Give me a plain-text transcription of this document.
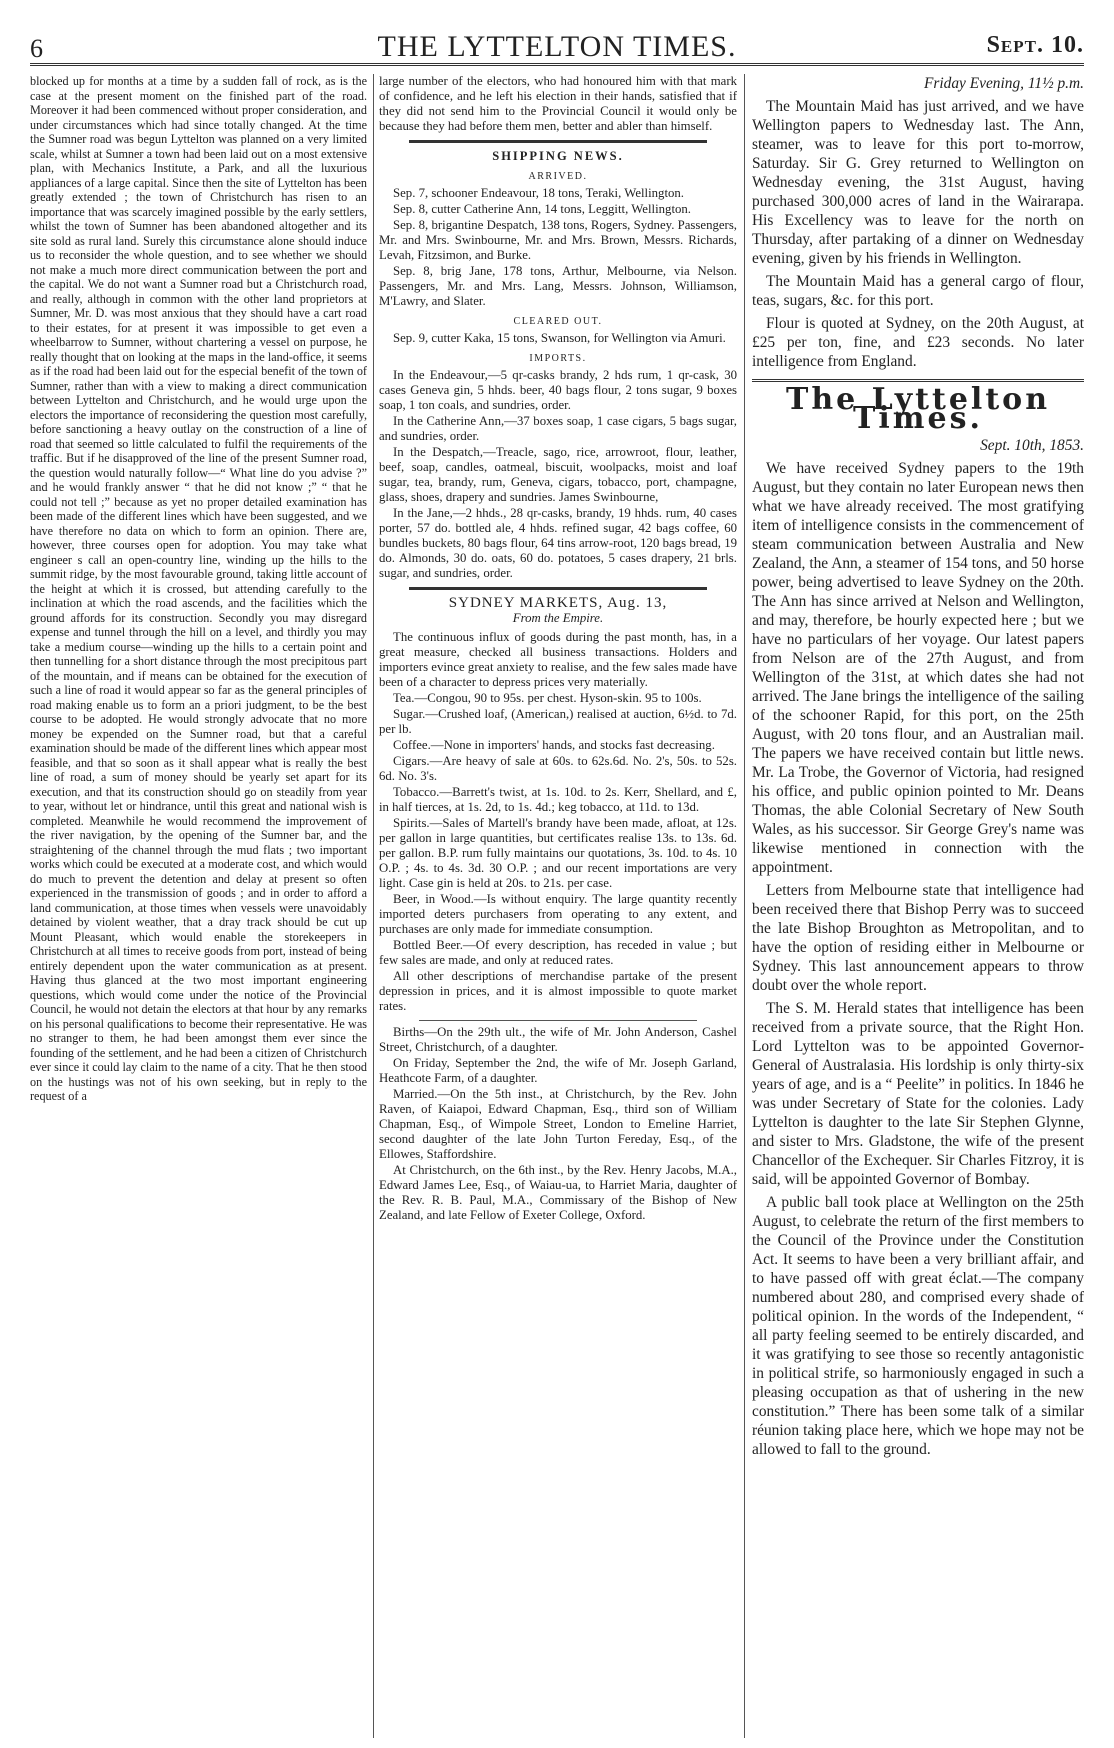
6	THE LYTTELTON TIMES.	Sept. 10.

blocked up for months at a time by a sudden fall of rock, as is the case at the present moment on the finished part of the road. Moreover it had been commenced without proper consideration, and under circumstances which had since totally changed. At the time the Sumner road was begun Lyttelton was planned on a very limited scale, whilst at Sumner a town had been laid out on a most extensive plan, with Mechanics Institute, a Park, and all the luxurious appliances of a large capital. Since then the site of Lyttelton has been greatly extended ; the town of Christchurch has risen to an importance that was scarcely imagined possible by the early settlers, whilst the town of Sumner has been abandoned altogether and its site sold as rural land. Surely this circumstance alone should induce us to reconsider the whole question, and to see whether we should not make a much more direct communication between the port and the capital. We do not want a Sumner road but a Christchurch road, and really, although in common with the other land proprietors at Sumner, Mr. D. was most anxious that they should have a cart road to their estates, for at present it was impossible to get even a wheelbarrow to Sumner, without chartering a vessel on purpose, he really thought that on looking at the maps in the land-office, it seems as if the road had been laid out for the especial benefit of the town of Sumner, rather than with a view to making a direct communication between Lyttelton and Christchurch, and he would urge upon the electors the importance of reconsidering the question most carefully, before sanctioning a heavy outlay on the construction of a line of road that seemed so little calculated to fulfil the requirements of the traffic. But if he disapproved of the line of the present Sumner road, the question would naturally follow—“ What line do you advise ?” and he would frankly answer “ that he did not know ;” “ that he could not tell ;” because as yet no proper detailed examination has been made of the different lines which have been suggested, and we have therefore no data on which to form an opinion. There are, however, three courses open for adoption. You may take what engineer s call an open-country line, winding up the hills to the summit ridge, by the most favourable ground, taking little account of the height at which it is crossed, but attending carefully to the inclination at which the road ascends, and the facilities which the ground affords for its construction. Secondly you may disregard expense and tunnel through the hill on a level, and thirdly you may take a medium course—winding up the hills to a certain point and then tunnelling for a short distance through the most precipitous part of the mountain, and if means can be obtained for the execution of such a line of road it would appear so far as the general principles of road making enable us to form an a priori judgment, to be the best course to be adopted. He would strongly advocate that no more money be expended on the Sumner road, but that a careful examination should be made of the different lines which appear most feasible, and that so soon as it shall appear what is really the best line of road, a sum of money should be yearly set apart for its execution, and that its construction should go on steadily from year to year, without let or hindrance, until this great and national wish is completed. Meanwhile he would recommend the improvement of the river navigation, by the opening of the Sumner bar, and the straightening of the channel through the mud flats ; two important works which could be executed at a moderate cost, and which would do much to prevent the detention and delay at present so often experienced in the transmission of goods ; and in order to afford a land communication, at those times when vessels were unavoidably detained by violent weather, that a dray track should be cut up Mount Pleasant, which would enable the storekeepers in Christchurch at all times to receive goods from port, instead of being entirely dependent upon the water communication as at present. Having thus glanced at the two most important engineering questions, which would come under the notice of the Provincial Council, he would not detain the electors at that hour by any remarks on his personal qualifications to become their representative. He was no stranger to them, he had been amongst them ever since the founding of the settlement, and he had been a citizen of Christchurch ever since it could lay claim to the name of a city. That he then stood on the hustings was not of his own seeking, but in reply to the request of a

large number of the electors, who had honoured him with that mark of confidence, and he left his election in their hands, satisfied that if they did not send him to the Provincial Council it would only be because they had before them men, better and abler than himself.

SHIPPING NEWS.
ARRIVED.

Sep. 7, schooner Endeavour, 18 tons, Teraki, Wellington.

Sep. 8, cutter Catherine Ann, 14 tons, Leggitt, Wellington.

Sep. 8, brigantine Despatch, 138 tons, Rogers, Sydney. Passengers, Mr. and Mrs. Swinbourne, Mr. and Mrs. Brown, Messrs. Richards, Levah, Fitzsimon, and Burke.

Sep. 8, brig Jane, 178 tons, Arthur, Melbourne, via Nelson. Passengers, Mr. and Mrs. Lang, Messrs. Johnson, Williamson, M'Lawry, and Slater.

CLEARED OUT.

Sep. 9, cutter Kaka, 15 tons, Swanson, for Wellington via Amuri.

IMPORTS.

In the Endeavour,—5 qr-casks brandy, 2 hds rum, 1 qr-cask, 30 cases Geneva gin, 5 hhds. beer, 40 bags flour, 2 tons sugar, 9 boxes soap, 1 ton coals, and sundries, order.

In the Catherine Ann,—37 boxes soap, 1 case cigars, 5 bags sugar, and sundries, order.

In the Despatch,—Treacle, sago, rice, arrowroot, flour, leather, beef, soap, candles, oatmeal, biscuit, woolpacks, moist and loaf sugar, tea, brandy, rum, Geneva, cigars, tobacco, port, champagne, glass, shoes, drapery and sundries. James Swinbourne,

In the Jane,—2 hhds., 28 qr-casks, brandy, 19 hhds. rum, 40 cases porter, 57 do. bottled ale, 4 hhds. refined sugar, 42 bags coffee, 60 bundles buckets, 80 bags flour, 64 tins arrow-root, 120 bags bread, 19 do. Almonds, 30 do. oats, 60 do. potatoes, 5 cases drapery, 21 brls. sugar, and sundries, order.

SYDNEY MARKETS, Aug. 13,
From the Empire.

The continuous influx of goods during the past month, has, in a great measure, checked all business transactions. Holders and importers evince great anxiety to realise, and the few sales made have been of a character to depress prices very materially.

Tea.—Congou, 90 to 95s. per chest. Hyson-skin. 95 to 100s.

Sugar.—Crushed loaf, (American,) realised at auction, 6½d. to 7d. per lb.

Coffee.—None in importers' hands, and stocks fast decreasing.

Cigars.—Are heavy of sale at 60s. to 62s.6d. No. 2's, 50s. to 52s. 6d. No. 3's.

Tobacco.—Barrett's twist, at 1s. 10d. to 2s. Kerr, Shellard, and £, in half tierces, at 1s. 2d, to 1s. 4d.; keg tobacco, at 11d. to 13d.

Spirits.—Sales of Martell's brandy have been made, afloat, at 12s. per gallon in large quantities, but certificates realise 13s. to 13s. 6d. per gallon. B.P. rum fully maintains our quotations, 3s. 10d. to 4s. 10 O.P. ; 4s. to 4s. 3d. 30 O.P. ; and our recent importations are very light. Case gin is held at 20s. to 21s. per case.

Beer, in Wood.—Is without enquiry. The large quantity recently imported deters purchasers from operating to any extent, and purchases are only made for immediate consumption.

Bottled Beer.—Of every description, has receded in value ; but few sales are made, and only at reduced rates.

All other descriptions of merchandise partake of the present depression in prices, and it is almost impossible to quote market rates.

Births—On the 29th ult., the wife of Mr. John Anderson, Cashel Street, Christchurch, of a daughter.

On Friday, September the 2nd, the wife of Mr. Joseph Garland, Heathcote Farm, of a daughter.

Married.—On the 5th inst., at Christchurch, by the Rev. John Raven, of Kaiapoi, Edward Chapman, Esq., third son of William Chapman, Esq., of Wimpole Street, London to Emeline Harriet, second daughter of the late John Turton Fereday, Esq., of the Ellowes, Staffordshire.

At Christchurch, on the 6th inst., by the Rev. Henry Jacobs, M.A., Edward James Lee, Esq., of Waiau-ua, to Harriet Maria, daughter of the Rev. R. B. Paul, M.A., Commissary of the Bishop of New Zealand, and late Fellow of Exeter College, Oxford.

Friday Evening, 11½ p.m.

The Mountain Maid has just arrived, and we have Wellington papers to Wednesday last. The Ann, steamer, was to leave for this port to-morrow, Saturday. Sir G. Grey returned to Wellington on Wednesday evening, the 31st August, having purchased 300,000 acres of land in the Wairarapa. His Excellency was to leave for the north on Thursday, after partaking of a dinner on Wednesday evening, given by his friends in Wellington.

The Mountain Maid has a general cargo of flour, teas, sugars, &c. for this port.

Flour is quoted at Sydney, on the 20th August, at £25 per ton, fine, and £23 seconds. No later intelligence from England.

The Lyttelton Times.
Sept. 10th, 1853.

We have received Sydney papers to the 19th August, but they contain no later European news then what we have already received. The most gratifying item of intelligence consists in the commencement of steam communication between Australia and New Zealand, the Ann, a steamer of 154 tons, and 50 horse power, being advertised to leave Sydney on the 20th. The Ann has since arrived at Nelson and Wellington, and may, therefore, be hourly expected here ; but we have no particulars of her voyage. Our latest papers from Nelson are of the 27th August, and from Wellington of the 31st, at which dates she had not arrived. The Jane brings the intelligence of the sailing of the schooner Rapid, for this port, on the 25th August, with 20 tons flour, and an Australian mail. The papers we have received contain but little news. Mr. La Trobe, the Governor of Victoria, had resigned his office, and public opinion pointed to Mr. Deans Thomas, the able Colonial Secretary of New South Wales, as his successor. Sir George Grey's name was likewise mentioned in connection with the appointment.

Letters from Melbourne state that intelligence had been received there that Bishop Perry was to succeed the late Bishop Broughton as Metropolitan, and to have the option of residing either in Melbourne or Sydney. This last announcement appears to throw doubt over the whole report.

The S. M. Herald states that intelligence has been received from a private source, that the Right Hon. Lord Lyttelton was to be appointed Governor-General of Australasia. His lordship is only thirty-six years of age, and is a “ Peelite” in politics. In 1846 he was under Secretary of State for the colonies. Lady Lyttelton is daughter to the late Sir Stephen Glynne, and sister to Mrs. Gladstone, the wife of the present Chancellor of the Exchequer. Sir Charles Fitzroy, it is said, will be appointed Governor of Bombay.

A public ball took place at Wellington on the 25th August, to celebrate the return of the first members to the Council of the Province under the Constitution Act. It seems to have been a very brilliant affair, and to have passed off with great éclat.—The company numbered about 280, and comprised every shade of political opinion. In the words of the Independent, “ all party feeling seemed to be entirely discarded, and it was gratifying to see those so recently antagonistic in political strife, so harmoniously engaged in such a pleasing occupation as that of ushering in the new constitution.” There has been some talk of a similar réunion taking place here, which we hope may not be allowed to fall to the ground.
